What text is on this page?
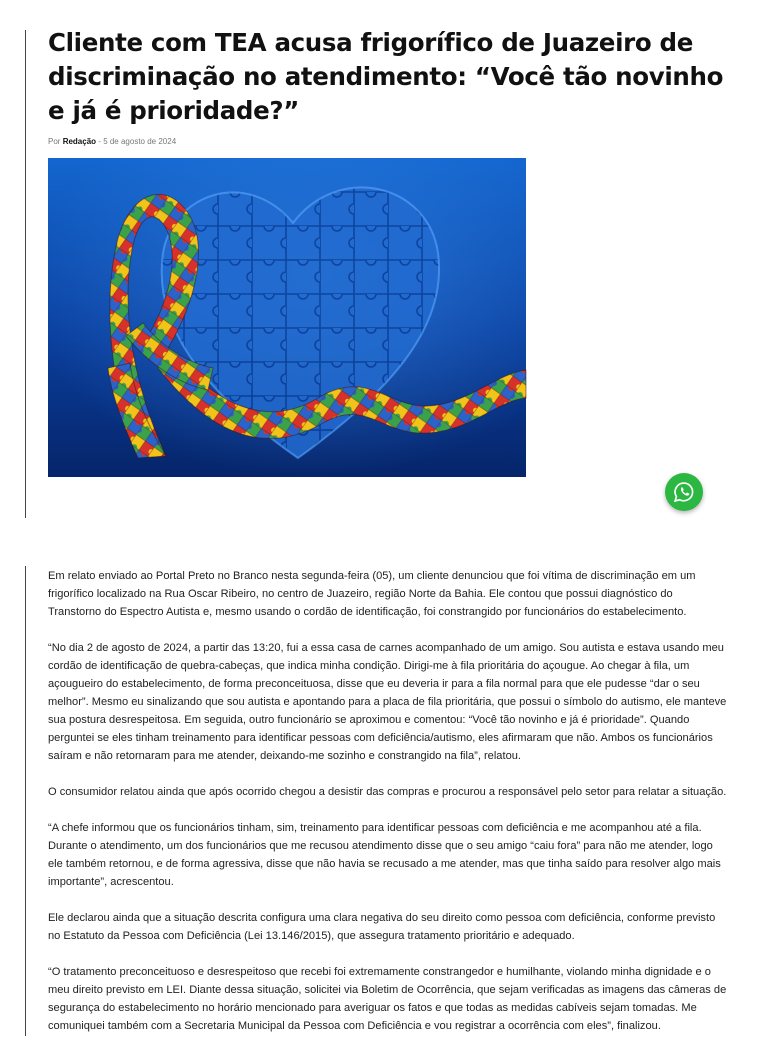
Cliente com TEA acusa frigorífico de Juazeiro de discriminação no atendimento: “Você tão novinho e já é prioridade?”
Por Redação - 5 de agosto de 2024

Em relato enviado ao Portal Preto no Branco nesta segunda-feira (05), um cliente denunciou que foi vítima de discriminação em um frigorífico localizado na Rua Oscar Ribeiro, no centro de Juazeiro, região Norte da Bahia. Ele contou que possui diagnóstico do Transtorno do Espectro Autista e, mesmo usando o cordão de identificação, foi constrangido por funcionários do estabelecimento.

“No dia 2 de agosto de 2024, a partir das 13:20, fui a essa casa de carnes acompanhado de um amigo. Sou autista e estava usando meu cordão de identificação de quebra-cabeças, que indica minha condição. Dirigi-me à fila prioritária do açougue. Ao chegar à fila, um açougueiro do estabelecimento, de forma preconceituosa, disse que eu deveria ir para a fila normal para que ele pudesse “dar o seu melhor”. Mesmo eu sinalizando que sou autista e apontando para a placa de fila prioritária, que possui o símbolo do autismo, ele manteve sua postura desrespeitosa. Em seguida, outro funcionário se aproximou e comentou: “Você tão novinho e já é prioridade”. Quando perguntei se eles tinham treinamento para identificar pessoas com deficiência/autismo, eles afirmaram que não. Ambos os funcionários saíram e não retornaram para me atender, deixando-me sozinho e constrangido na fila”, relatou.

O consumidor relatou ainda que após ocorrido chegou a desistir das compras e procurou a responsável pelo setor para relatar a situação.

“A chefe informou que os funcionários tinham, sim, treinamento para identificar pessoas com deficiência e me acompanhou até a fila. Durante o atendimento, um dos funcionários que me recusou atendimento disse que o seu amigo “caiu fora” para não me atender, logo ele também retornou, e de forma agressiva, disse que não havia se recusado a me atender, mas que tinha saído para resolver algo mais importante”, acrescentou.

Ele declarou ainda que a situação descrita configura uma clara negativa do seu direito como pessoa com deficiência, conforme previsto no Estatuto da Pessoa com Deficiência (Lei 13.146/2015), que assegura tratamento prioritário e adequado.

“O tratamento preconceituoso e desrespeitoso que recebi foi extremamente constrangedor e humilhante, violando minha dignidade e o meu direito previsto em LEI. Diante dessa situação, solicitei via Boletim de Ocorrência, que sejam verificadas as imagens das câmeras de segurança do estabelecimento no horário mencionado para averiguar os fatos e que todas as medidas cabíveis sejam tomadas. Me comuniquei também com a Secretaria Municipal da Pessoa com Deficiência e vou registrar a ocorrência com eles”, finalizou.
